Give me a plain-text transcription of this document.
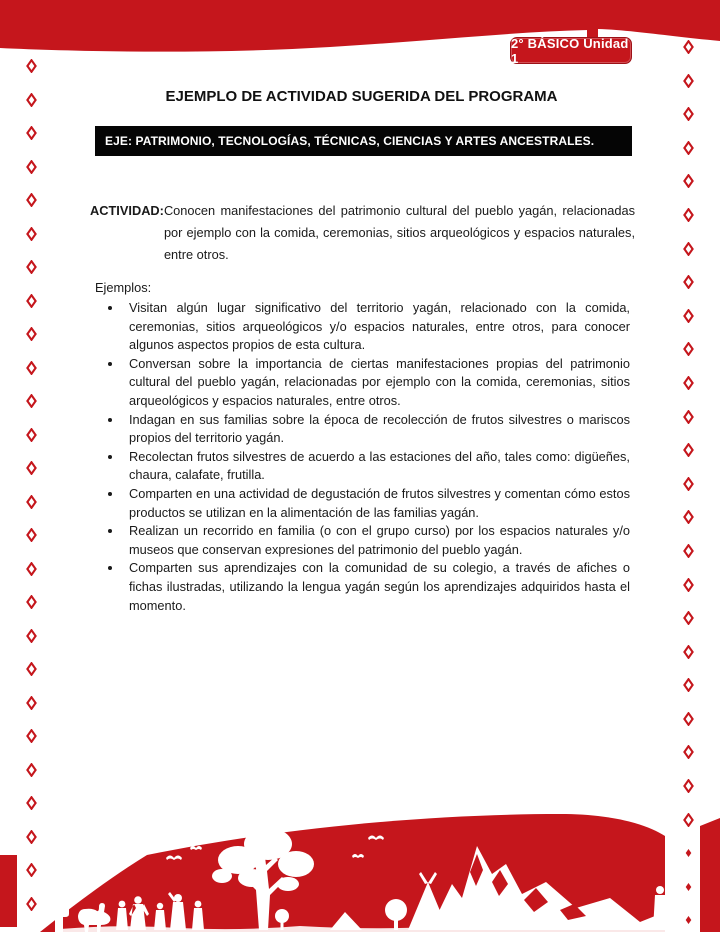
2° BÁSICO Unidad 1
EJEMPLO DE ACTIVIDAD SUGERIDA DEL PROGRAMA
EJE: PATRIMONIO, TECNOLOGÍAS, TÉCNICAS, CIENCIAS Y ARTES ANCESTRALES.
ACTIVIDAD: Conocen manifestaciones del patrimonio cultural del pueblo yagán, relacionadas por ejemplo con la comida, ceremonias, sitios arqueológicos y espacios naturales, entre otros.
Ejemplos:
• Visitan algún lugar significativo del territorio yagán, relacionado con la comida, ceremonias, sitios arqueológicos y/o espacios naturales, entre otros, para conocer algunos aspectos propios de esta cultura.
• Conversan sobre la importancia de ciertas manifestaciones propias del patrimonio cultural del pueblo yagán, relacionadas por ejemplo con la comida, ceremonias, sitios arqueológicos y espacios naturales, entre otros.
• Indagan en sus familias sobre la época de recolección de frutos silvestres o mariscos propios del territorio yagán.
• Recolectan frutos silvestres de acuerdo a las estaciones del año, tales como: digüeñes, chaura, calafate, frutilla.
• Comparten en una actividad de degustación de frutos silvestres y comentan cómo estos productos se utilizan en la alimentación de las familias yagán.
• Realizan un recorrido en familia (o con el grupo curso) por los espacios naturales y/o museos que conservan expresiones del patrimonio del pueblo yagán.
• Comparten sus aprendizajes con la comunidad de su colegio, a través de afiches o fichas ilustradas, utilizando la lengua yagán según los aprendizajes adquiridos hasta el momento.
